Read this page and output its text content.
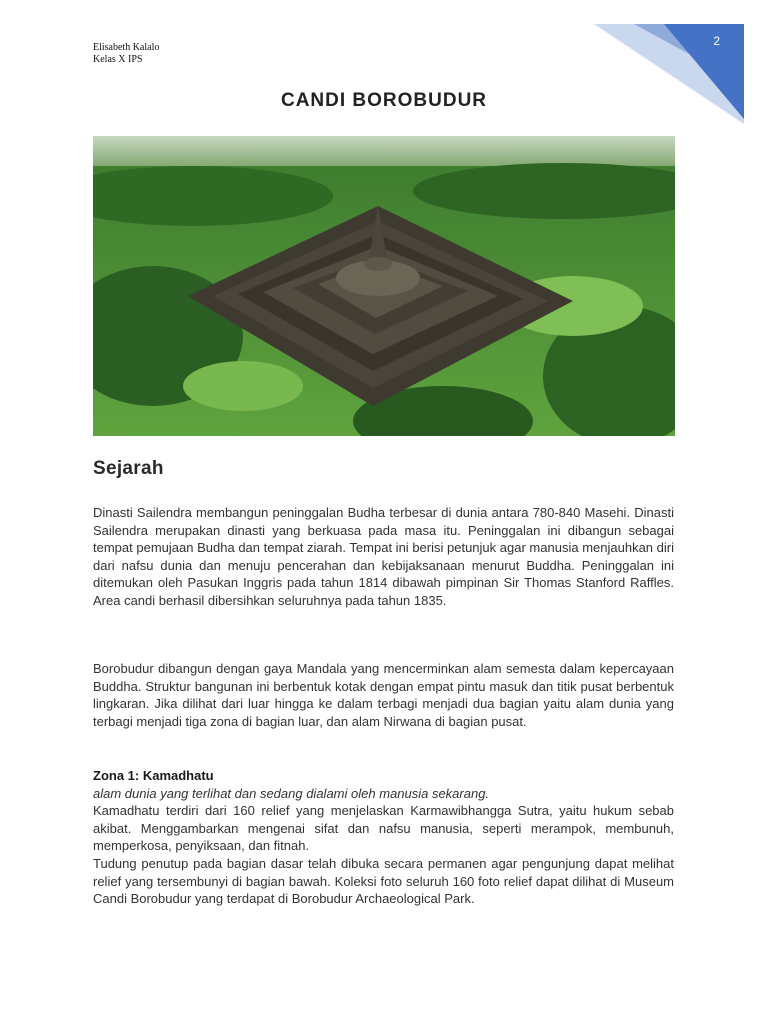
2
Elisabeth Kalalo
Kelas X IPS
CANDI BOROBUDUR
Sejarah

Dinasti Sailendra membangun peninggalan Budha terbesar di dunia antara 780-840 Masehi. Dinasti Sailendra merupakan dinasti yang berkuasa pada masa itu. Peninggalan ini dibangun sebagai tempat pemujaan Budha dan tempat ziarah. Tempat ini berisi petunjuk agar manusia menjauhkan diri dari nafsu dunia dan menuju pencerahan dan kebijaksanaan menurut Buddha. Peninggalan ini ditemukan oleh Pasukan Inggris pada tahun 1814 dibawah pimpinan Sir Thomas Stanford Raffles. Area candi berhasil dibersihkan seluruhnya pada tahun 1835.

Borobudur dibangun dengan gaya Mandala yang mencerminkan alam semesta dalam kepercayaan Buddha. Struktur bangunan ini berbentuk kotak dengan empat pintu masuk dan titik pusat berbentuk lingkaran. Jika dilihat dari luar hingga ke dalam terbagi menjadi dua bagian yaitu alam dunia yang terbagi menjadi tiga zona di bagian luar, dan alam Nirwana di bagian pusat.

Zona 1: Kamadhatu
alam dunia yang terlihat dan sedang dialami oleh manusia sekarang.
Kamadhatu terdiri dari 160 relief yang menjelaskan Karmawibhangga Sutra, yaitu hukum sebab akibat. Menggambarkan mengenai sifat dan nafsu manusia, seperti merampok, membunuh, memperkosa, penyiksaan, dan fitnah.
Tudung penutup pada bagian dasar telah dibuka secara permanen agar pengunjung dapat melihat relief yang tersembunyi di bagian bawah. Koleksi foto seluruh 160 foto relief dapat dilihat di Museum Candi Borobudur yang terdapat di Borobudur Archaeological Park.
